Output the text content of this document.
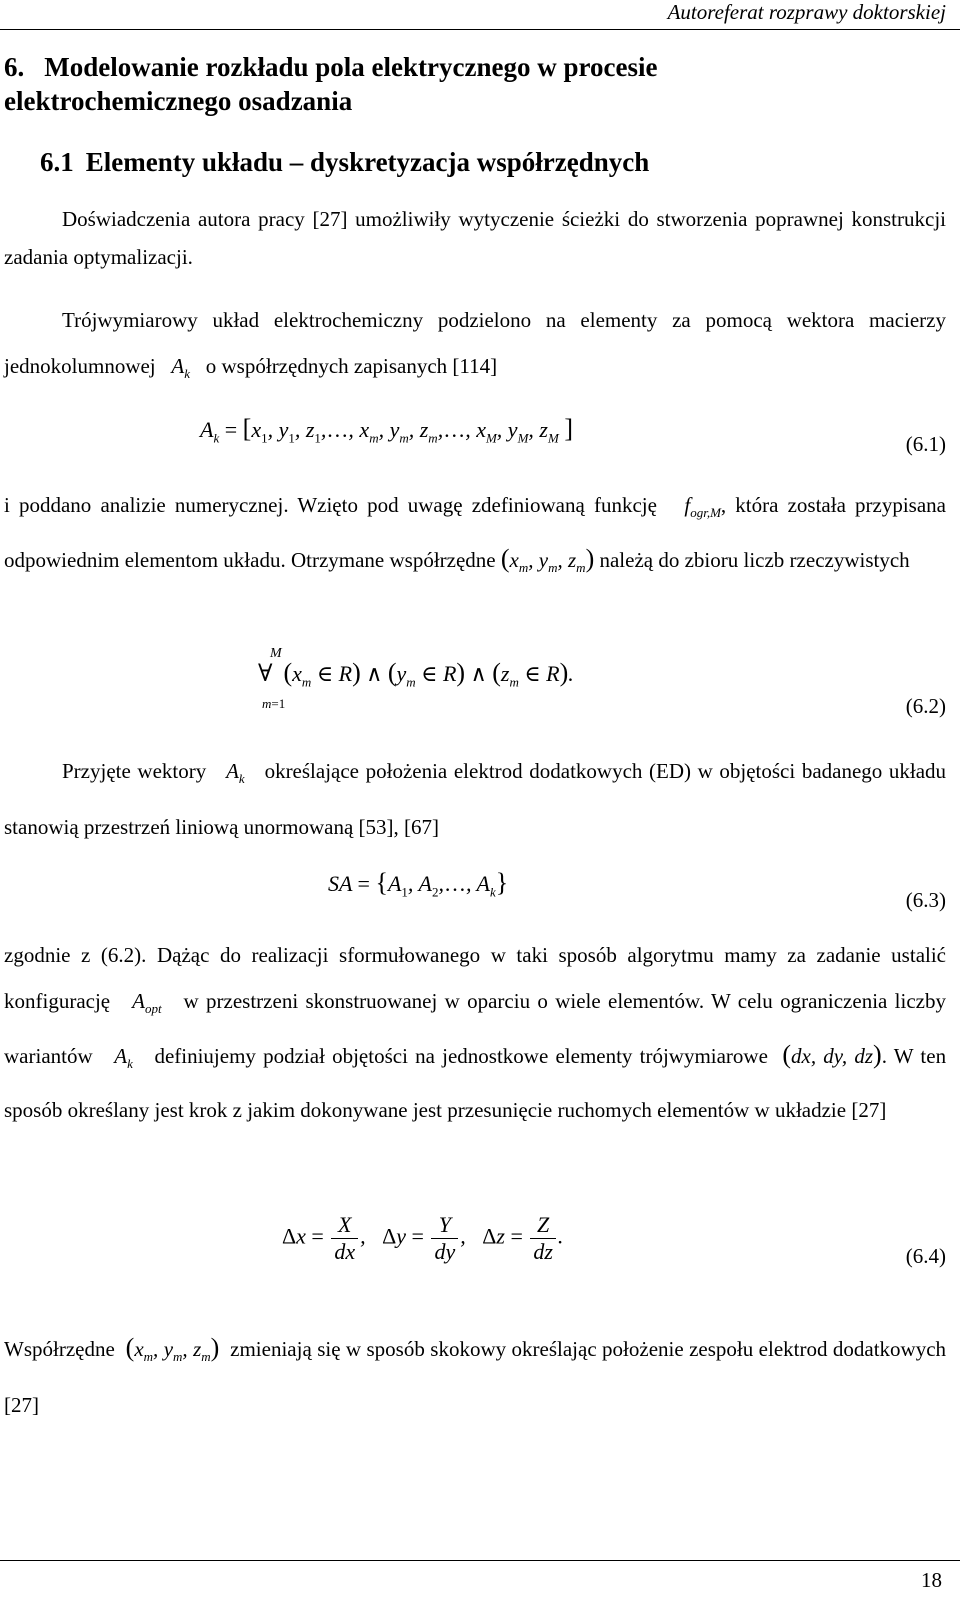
Autoreferat rozprawy doktorskiej
6. Modelowanie rozkładu pola elektrycznego w procesie
elektrochemicznego osadzania
6.1 Elementy układu – dyskretyzacja współrzędnych
Doświadczenia autora pracy [27] umożliwiły wytyczenie ścieżki do stworzenia poprawnej konstrukcji zadania optymalizacji.
Trójwymiarowy układ elektrochemiczny podzielono na elementy za pomocą wektora macierzy jednokolumnowej   $A_k$ o współrzędnych zapisanych [114]
$A_k = [x_1$, $y_1$, $z_1,\dots$, $x_m$, $y_m$, $z_m,\dots$, $x_M$, $y_M$, $z_M$ ]
(6.1)
i poddano analizie numerycznej. Wzięto pod uwagę zdefiniowaną funkcję   $f_{ogr,M}$, która została przypisana odpowiednim elementom układu. Otrzymane współrzędne ($x_m$, $y_m$, $z_m$) należą do zbioru liczb rzeczywistych
M
∀
m=1
($x_m$ ∈ R) ∧ ($y_m$ ∈ R) ∧ ($z_m$ ∈ R).
(6.2)
Przyjęte wektory   $A_k$ określające położenia elektrod dodatkowych (ED) w objętości badanego układu stanowią przestrzeń liniową unormowaną [53], [67]
SA = {$A_1$, $A_2,\dots$, $A_k$}
(6.3)
zgodnie z (6.2). Dążąc do realizacji sformułowanego w taki sposób algorytmu mamy za zadanie ustalić konfigurację   $A_{opt}$ w przestrzeni skonstruowanej w oparciu o wiele elementów. W celu ograniczenia liczby wariantów   $A_k$ definiujemy podział objętości na jednostkowe elementy trójwymiarowe (dx, dy, dz). W ten sposób określany jest krok z jakim dokonywane jest przesunięcie ruchomych elementów w układzie [27]
$\Delta x = \frac{X}{dx}$ ,   $\Delta y = \frac{Y}{dy}$ ,   $\Delta z = \frac{Z}{dz}$ .
(6.4)
Współrzędne ($x_m$, $y_m$, $z_m$) zmieniają się w sposób skokowy określając położenie zespołu elektrod dodatkowych [27]
18
